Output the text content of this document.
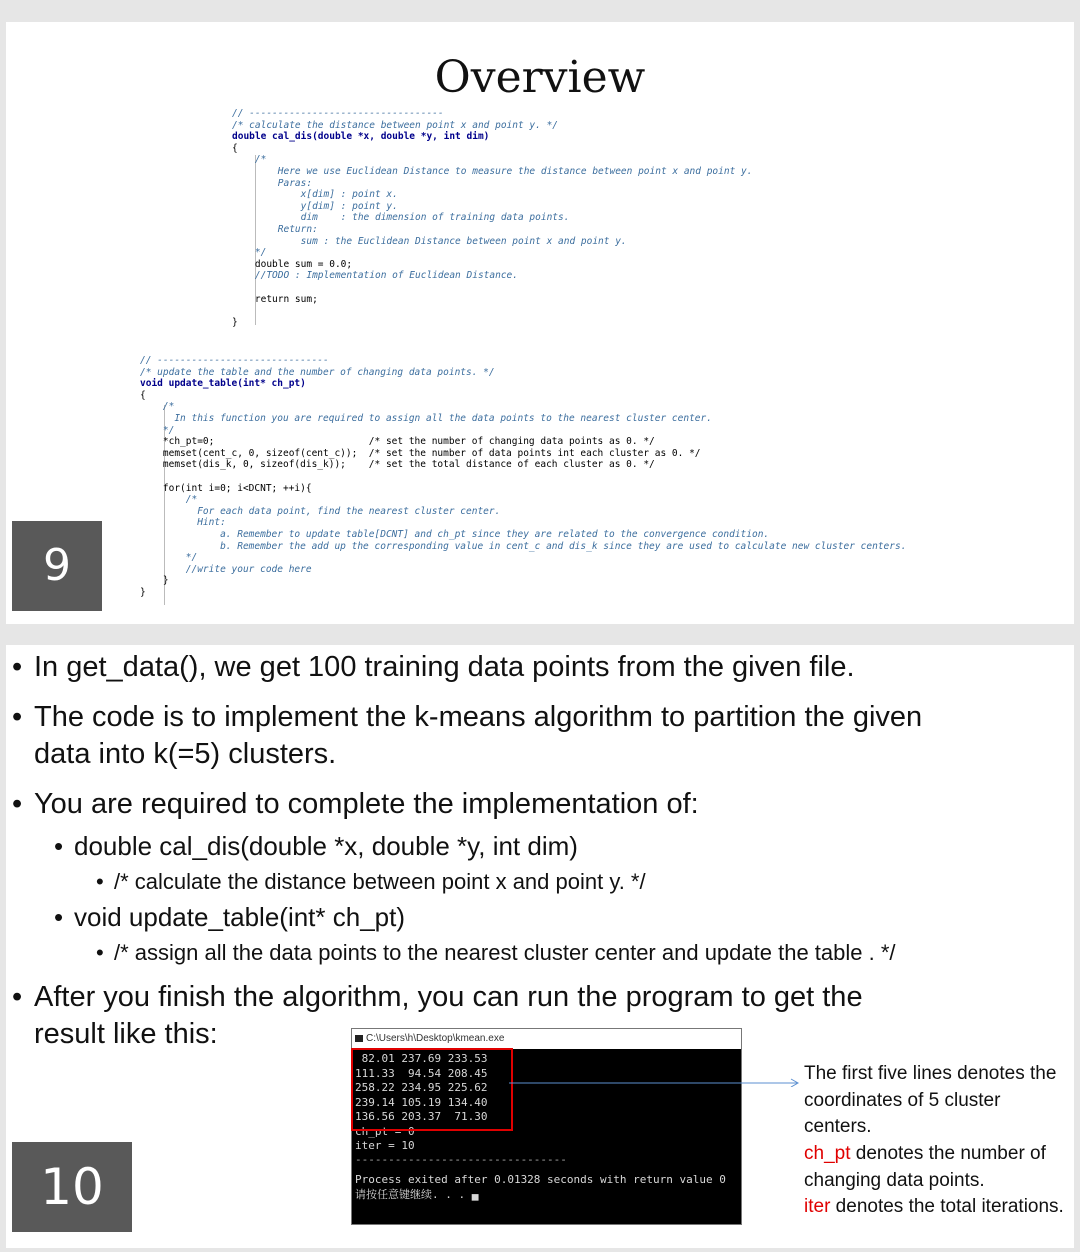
Overview
// ----------------------------------
/* calculate the distance between point x and point y. */
double cal_dis(double *x, double *y, int dim)
{
/*
Here we use Euclidean Distance to measure the distance between point x and point y.
Paras:
x[dim] : point x.
y[dim] : point y.
dim    : the dimension of training data points.
Return:
sum : the Euclidean Distance between point x and point y.
*/
double sum = 0.0;
//TODO : Implementation of Euclidean Distance.

return sum;

}
// ------------------------------
/* update the table and the number of changing data points. */
void update_table(int* ch_pt)
{
/*
In this function you are required to assign all the data points to the nearest cluster center.
*/
*ch_pt=0;                           /* set the number of changing data points as 0. */
memset(cent_c, 0, sizeof(cent_c));  /* set the number of data points int each cluster as 0. */
memset(dis_k, 0, sizeof(dis_k));    /* set the total distance of each cluster as 0. */

for(int i=0; i<DCNT; ++i){
/*
For each data point, find the nearest cluster center.
Hint:
a. Remember to update table[DCNT] and ch_pt since they are related to the convergence condition.
b. Remember the add up the corresponding value in cent_c and dis_k since they are used to calculate new cluster centers.
*/
//write your code here
}
}
9
• In get_data(), we get 100 training data points from the given file.
• The code is to implement the k-means algorithm to partition the given
data into k(=5) clusters.
• You are required to complete the implementation of:
• double cal_dis(double *x, double *y, int dim)
• /* calculate the distance between point x and point y. */
• void update_table(int* ch_pt)
• /* assign all the data points to the nearest cluster center and update the table . */
• After you finish the algorithm, you can run the program to get the
result like this:	C:\Users\h\Desktop\kmean.exe
82.01 237.69 233.53
111.33  94.54 208.45
258.22 234.95 225.62
239.14 105.19 134.40
136.56 203.37  71.30
ch_pt = 0
iter = 10
--------------------------------
Process exited after 0.01328 seconds with return value 0
请按任意键继续. . . ▄
The first five lines denotes the coordinates of 5 cluster centers.
ch_pt denotes the number of changing data points.
iter denotes the total iterations.
10
